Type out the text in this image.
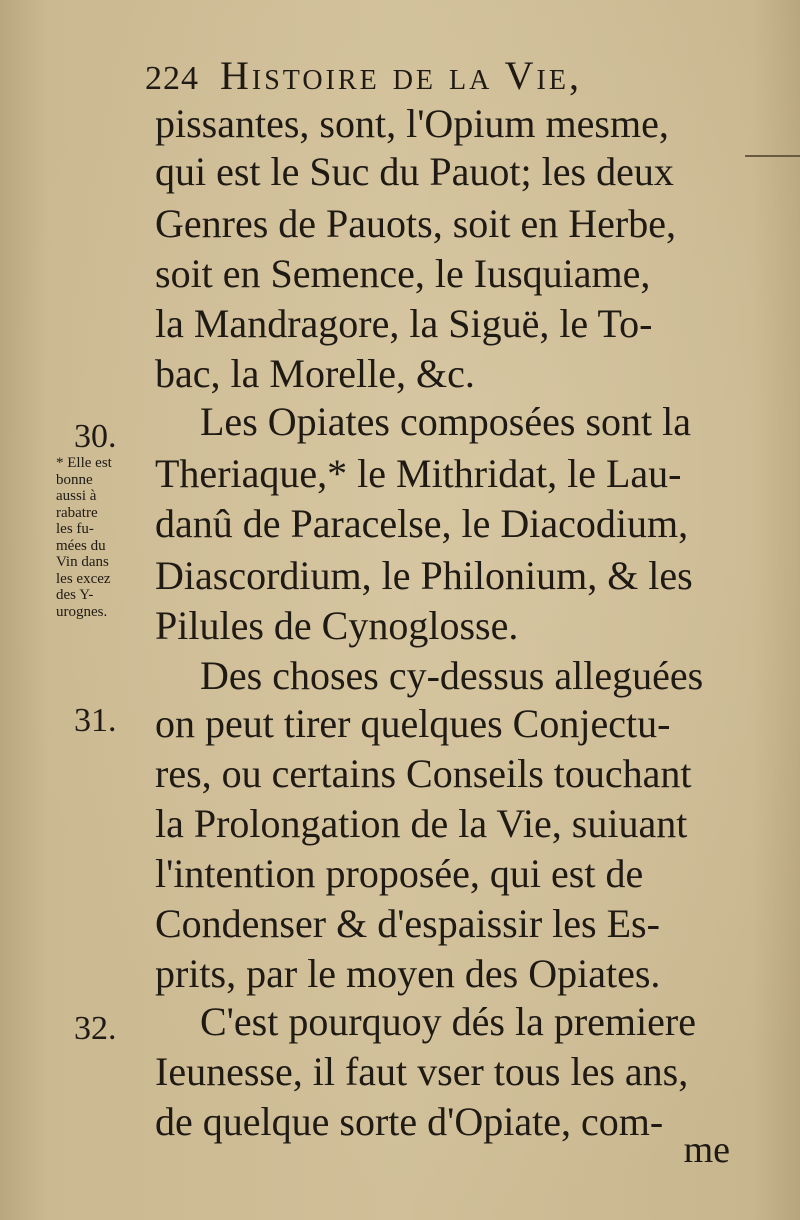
224 Histoire de la Vie,
pissantes, sont, l'Opium mesme,
qui est le Suc du Pauot; les deux
Genres de Pauots, soit en Herbe,
soit en Semence, le Iusquiame,
la Mandragore, la Siguë, le To-
bac, la Morelle, &c.
30. Les Opiates composées sont la
Theriaque,* le Mithridat, le Lau-
danû de Paracelse, le Diacodium,
Diascordium, le Philonium, & les
Pilules de Cynoglosse.
* Elle est
bonne
aussi à
rabatre
les fu-
mées du
Vin dans
les excez
des Y-
urognes.
Des choses cy-dessus alleguées
31. on peut tirer quelques Conjectu-
res, ou certains Conseils touchant
la Prolongation de la Vie, suiuant
l'intention proposée, qui est de
Condenser & d'espaissir les Es-
prits, par le moyen des Opiates.
32. C'est pourquoy dés la premiere
Ieunesse, il faut vser tous les ans,
de quelque sorte d'Opiate, com-
me
